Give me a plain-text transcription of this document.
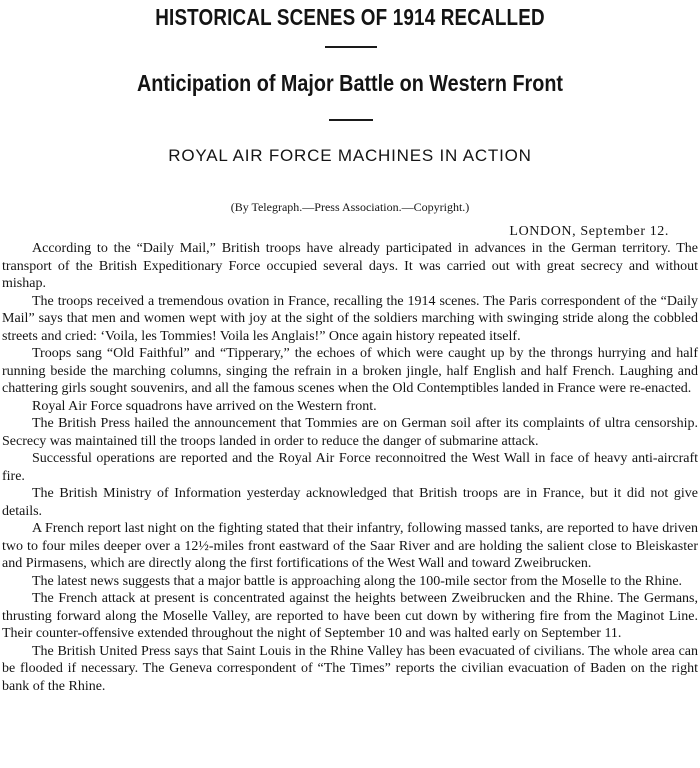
HISTORICAL SCENES OF 1914 RECALLED
Anticipation of Major Battle on Western Front
ROYAL AIR FORCE MACHINES IN ACTION
(By Telegraph.—Press Association.—Copyright.)
LONDON, September 12.

According to the “Daily Mail,” British troops have already participated in advances in the German territory. The transport of the British Expeditionary Force occupied several days. It was carried out with great secrecy and without mishap.

The troops received a tremendous ovation in France, recalling the 1914 scenes. The Paris correspondent of the “Daily Mail” says that men and women wept with joy at the sight of the soldiers marching with swinging stride along the cobbled streets and cried: ‘Voila, les Tommies! Voila les Anglais!” Once again history repeated itself.

Troops sang “Old Faithful” and “Tipperary,” the echoes of which were caught up by the throngs hurrying and half running beside the marching columns, singing the refrain in a broken jingle, half English and half French. Laughing and chattering girls sought souvenirs, and all the famous scenes when the Old Contemptibles landed in France were re-enacted.

Royal Air Force squadrons have arrived on the Western front.

The British Press hailed the announcement that Tommies are on German soil after its complaints of ultra censorship. Secrecy was maintained till the troops landed in order to reduce the danger of submarine attack.

Successful operations are reported and the Royal Air Force reconnoitred the West Wall in face of heavy anti-aircraft fire.

The British Ministry of Information yesterday acknowledged that British troops are in France, but it did not give details.

A French report last night on the fighting stated that their infantry, following massed tanks, are reported to have driven two to four miles deeper over a 12½-miles front eastward of the Saar River and are holding the salient close to Bleiskaster and Pirmasens, which are directly along the first fortifications of the West Wall and toward Zweibrucken.

The latest news suggests that a major battle is approaching along the 100-mile sector from the Moselle to the Rhine.

The French attack at present is concentrated against the heights between Zweibrucken and the Rhine. The Germans, thrusting forward along the Moselle Valley, are reported to have been cut down by withering fire from the Maginot Line. Their counter-offensive extended throughout the night of September 10 and was halted early on September 11.

The British United Press says that Saint Louis in the Rhine Valley has been evacuated of civilians. The whole area can be flooded if necessary. The Geneva correspondent of “The Times” reports the civilian evacuation of Baden on the right bank of the Rhine.
